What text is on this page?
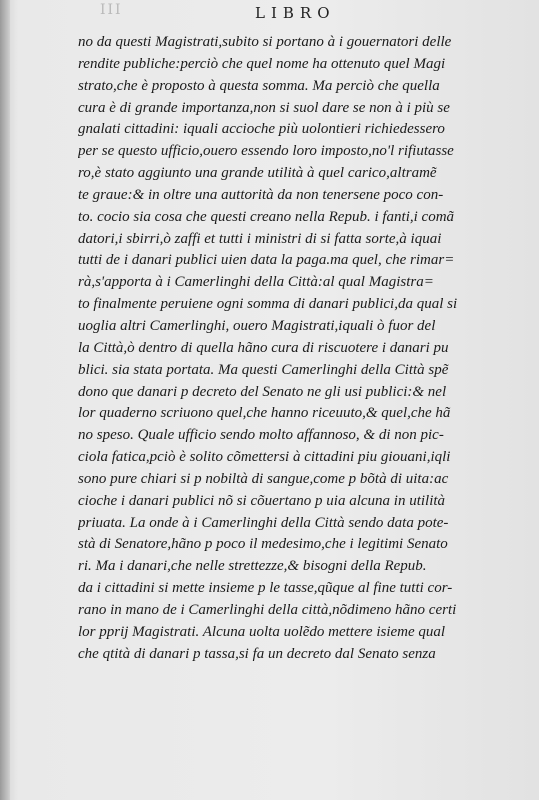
III	LIBRO
no da questi Magistrati,subito si portano à i gouernatori delle
rendite publiche:perciò che quel nome ha ottenuto quel Magi
strato,che è proposto à questa somma. Ma perciò che quella
cura è di grande importanza,non si suol dare se non à i più se
gnalati cittadini: iquali accioche più uolontieri richiedessero
per se questo ufficio,ouero essendo loro imposto,no'l rifiutasse
ro,è stato aggiunto una grande utilità à quel carico,altramẽ
te graue:& in oltre una auttorità da non tenersene poco con-
to. cocio sia cosa che questi creano nella Repub. i fanti,i comã
datori,i sbirri,ò zaffi et tutti i ministri di si fatta sorte,à iquai
tutti de i danari publici uien data la paga.ma quel, che rimar=
rà,s'apporta à i Camerlinghi della Città:al qual Magistra=
to finalmente peruiene ogni somma di danari publici,da qual si
uoglia altri Camerlinghi, ouero Magistrati,iquali ò fuor del
la Città,ò dentro di quella hãno cura di riscuotere i danari pu
blici. sia stata portata. Ma questi Camerlinghi della Città spẽ
dono que danari p decreto del Senato ne gli usi publici:& nel
lor quaderno scriuono quel,che hanno riceuuto,& quel,che hã
no speso. Quale ufficio sendo molto affannoso, & di non pic-
ciola fatica,pciò è solito cõmettersi à cittadini piu giouani,iqli
sono pure chiari si p nobiltà di sangue,come p bõtà di uita:ac
cioche i danari publici nõ si cõuertano p uia alcuna in utilità
priuata. La onde à i Camerlinghi della Città sendo data pote-
stà di Senatore,hãno p poco il medesimo,che i legitimi Senato
ri. Ma i danari,che nelle strettezze,& bisogni della Repub.
da i cittadini si mette insieme p le tasse,qũque al fine tutti cor-
rano in mano de i Camerlinghi della città,nõdimeno hãno certi
lor pprij Magistrati. Alcuna uolta uolẽdo mettere isieme qual
che qtità di danari p tassa,si fa un decreto dal Senato senza
